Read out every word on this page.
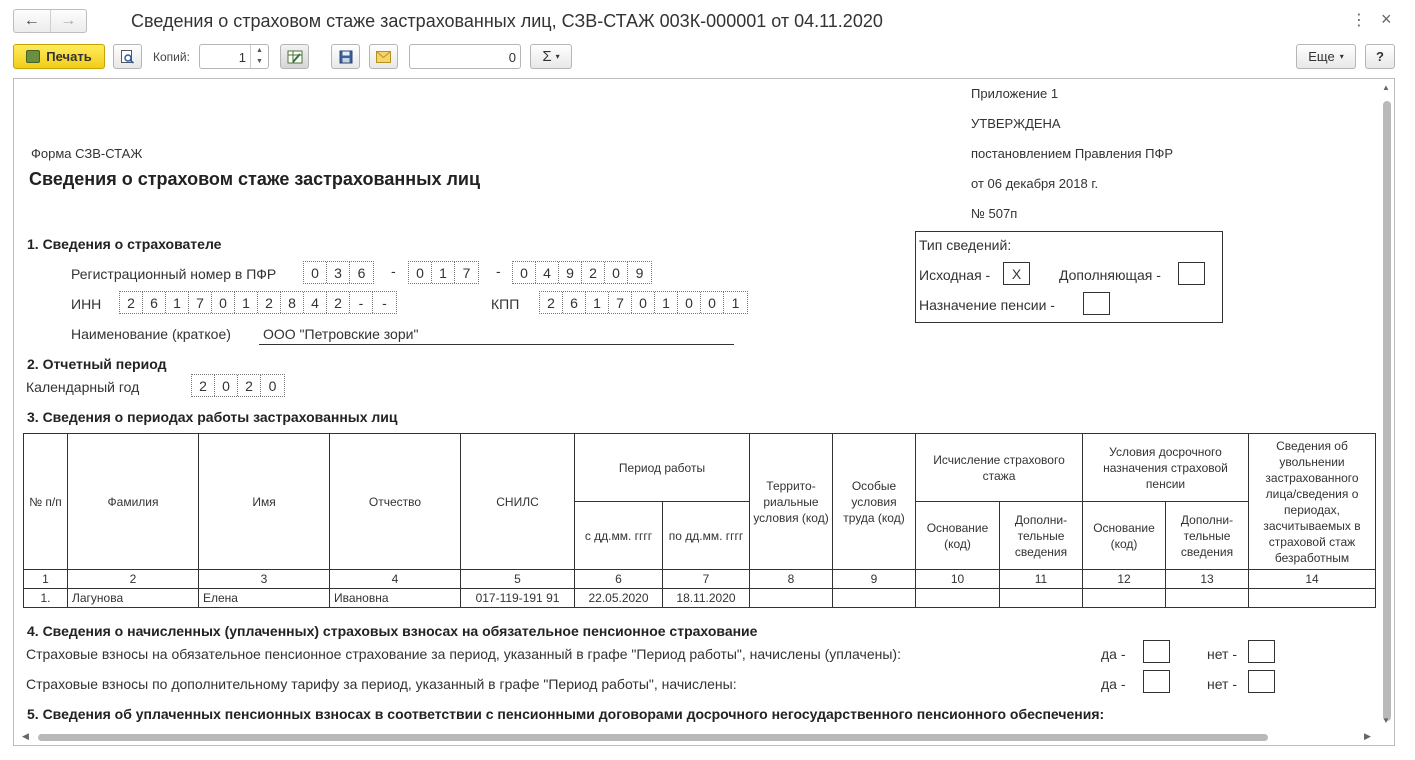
←	→	Сведения о страховом стаже застрахованных лиц, СЗВ-СТАЖ 003К-000001 от 04.11.2020	⋮ ×
Печать	Копий:	1	▲
▼	0 Σ ▾	Еще ▾	?
Приложение 1
УТВЕРЖДЕНА
постановлением Правления ПФР
от 06 декабря 2018 г.
№ 507п
Форма СЗВ-СТАЖ
Сведения о страховом стаже застрахованных лиц
1. Сведения о страхователе
Регистрационный номер в ПФР	0	3	6	-	0	1	7	-	0	4	9	2	0	9
ИНН	2	6	1	7	0	1	2	8	4	2	-	-	КПП	2	6	1	7	0	1	0	0	1
Наименование (краткое) ООО "Петровские зори"
Тип сведений:
Исходная -	X	Дополняющая -
Назначение пенсии -
2. Отчетный период
Календарный год	2	0	2	0
3. Сведения о периодах работы застрахованных лиц
№ п/п	Фамилия	Имя	Отчество	СНИЛС	Период работы		Террито- риальные условия (код)	Особые условия труда (код)	Исчисление страхового стажа		Условия досрочного назначения страховой пенсии		Сведения об увольнении застрахованного лица/сведения о периодах, засчитываемых в страховой стаж безработным
					с дд.мм. гггг	по дд.мм. гггг			Основание (код)	Дополни- тельные сведения	Основание (код)	Дополни- тельные сведения	
1	2	3	4	5	6	7	8	9	10	11	12	13	14
1.	Лагунова	Елена	Ивановна	017-119-191 91	22.05.2020	18.11.2020							
4. Сведения о начисленных (уплаченных) страховых взносах на обязательное пенсионное страхование
Страховые взносы на обязательное пенсионное страхование за период, указанный в графе "Период работы", начислены (уплачены):	да -	нет -
Страховые взносы по дополнительному тарифу за период, указанный в графе "Период работы", начислены:	да -	нет -
5. Сведения об уплаченных пенсионных взносах в соответствии с пенсионными договорами досрочного негосударственного пенсионного обеспечения:
▲
▼
◀	▶
